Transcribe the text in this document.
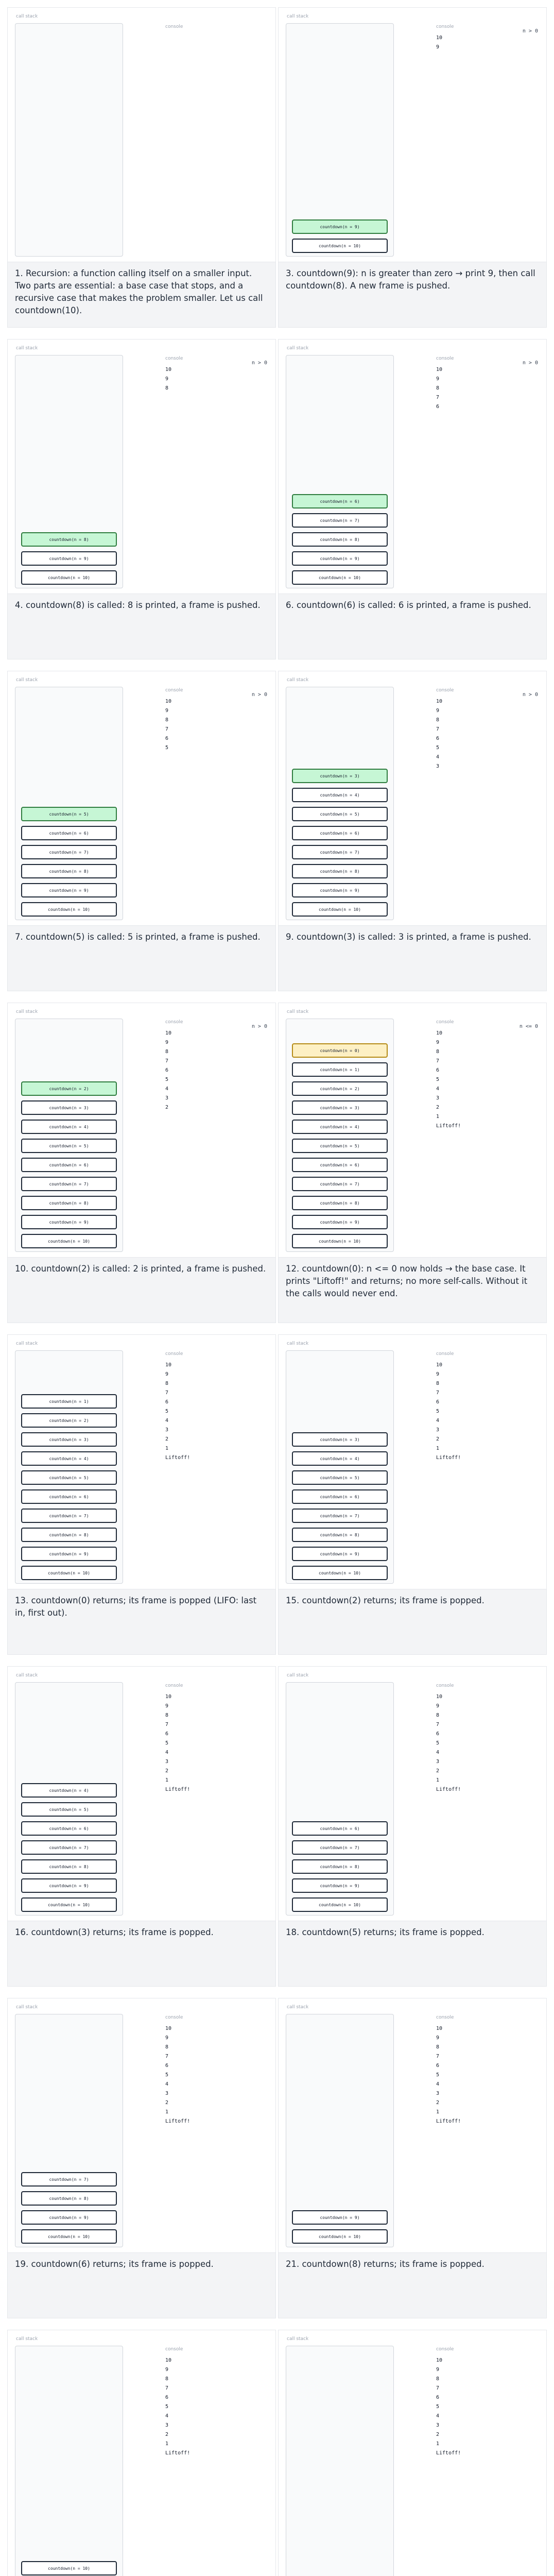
call stack
console
1. Recursion: a function calling itself on a smaller input. Two parts are essential: a base case that stops, and a recursive case that makes the problem smaller. Let us call countdown(10).
call stack
countdown(n = 9)
countdown(n = 10)
console
10
9
n > 0
3. countdown(9): n is greater than zero → print 9, then call countdown(8). A new frame is pushed.
call stack
countdown(n = 8)
countdown(n = 9)
countdown(n = 10)
console
10
9
8
n > 0
4. countdown(8) is called: 8 is printed, a frame is pushed.
call stack
countdown(n = 6)
countdown(n = 7)
countdown(n = 8)
countdown(n = 9)
countdown(n = 10)
console
10
9
8
7
6
n > 0
6. countdown(6) is called: 6 is printed, a frame is pushed.
call stack
countdown(n = 5)
countdown(n = 6)
countdown(n = 7)
countdown(n = 8)
countdown(n = 9)
countdown(n = 10)
console
10
9
8
7
6
5
n > 0
7. countdown(5) is called: 5 is printed, a frame is pushed.
call stack
countdown(n = 3)
countdown(n = 4)
countdown(n = 5)
countdown(n = 6)
countdown(n = 7)
countdown(n = 8)
countdown(n = 9)
countdown(n = 10)
console
10
9
8
7
6
5
4
3
n > 0
9. countdown(3) is called: 3 is printed, a frame is pushed.
call stack
countdown(n = 2)
countdown(n = 3)
countdown(n = 4)
countdown(n = 5)
countdown(n = 6)
countdown(n = 7)
countdown(n = 8)
countdown(n = 9)
countdown(n = 10)
console
10
9
8
7
6
5
4
3
2
n > 0
10. countdown(2) is called: 2 is printed, a frame is pushed.
call stack
countdown(n = 0)
countdown(n = 1)
countdown(n = 2)
countdown(n = 3)
countdown(n = 4)
countdown(n = 5)
countdown(n = 6)
countdown(n = 7)
countdown(n = 8)
countdown(n = 9)
countdown(n = 10)
console
10
9
8
7
6
5
4
3
2
1
Liftoff!
n <= 0
12. countdown(0): n <= 0 now holds → the base case. It prints "Liftoff!" and returns; no more self-calls. Without it the calls would never end.
call stack
countdown(n = 1)
countdown(n = 2)
countdown(n = 3)
countdown(n = 4)
countdown(n = 5)
countdown(n = 6)
countdown(n = 7)
countdown(n = 8)
countdown(n = 9)
countdown(n = 10)
console
10
9
8
7
6
5
4
3
2
1
Liftoff!
13. countdown(0) returns; its frame is popped (LIFO: last in, first out).
call stack
countdown(n = 3)
countdown(n = 4)
countdown(n = 5)
countdown(n = 6)
countdown(n = 7)
countdown(n = 8)
countdown(n = 9)
countdown(n = 10)
console
10
9
8
7
6
5
4
3
2
1
Liftoff!
15. countdown(2) returns; its frame is popped.
call stack
countdown(n = 4)
countdown(n = 5)
countdown(n = 6)
countdown(n = 7)
countdown(n = 8)
countdown(n = 9)
countdown(n = 10)
console
10
9
8
7
6
5
4
3
2
1
Liftoff!
16. countdown(3) returns; its frame is popped.
call stack
countdown(n = 6)
countdown(n = 7)
countdown(n = 8)
countdown(n = 9)
countdown(n = 10)
console
10
9
8
7
6
5
4
3
2
1
Liftoff!
18. countdown(5) returns; its frame is popped.
call stack
countdown(n = 7)
countdown(n = 8)
countdown(n = 9)
countdown(n = 10)
console
10
9
8
7
6
5
4
3
2
1
Liftoff!
19. countdown(6) returns; its frame is popped.
call stack
countdown(n = 9)
countdown(n = 10)
console
10
9
8
7
6
5
4
3
2
1
Liftoff!
21. countdown(8) returns; its frame is popped.
call stack
countdown(n = 10)
console
10
9
8
7
6
5
4
3
2
1
Liftoff!
call stack
console
10
9
8
7
6
5
4
3
2
1
Liftoff!
